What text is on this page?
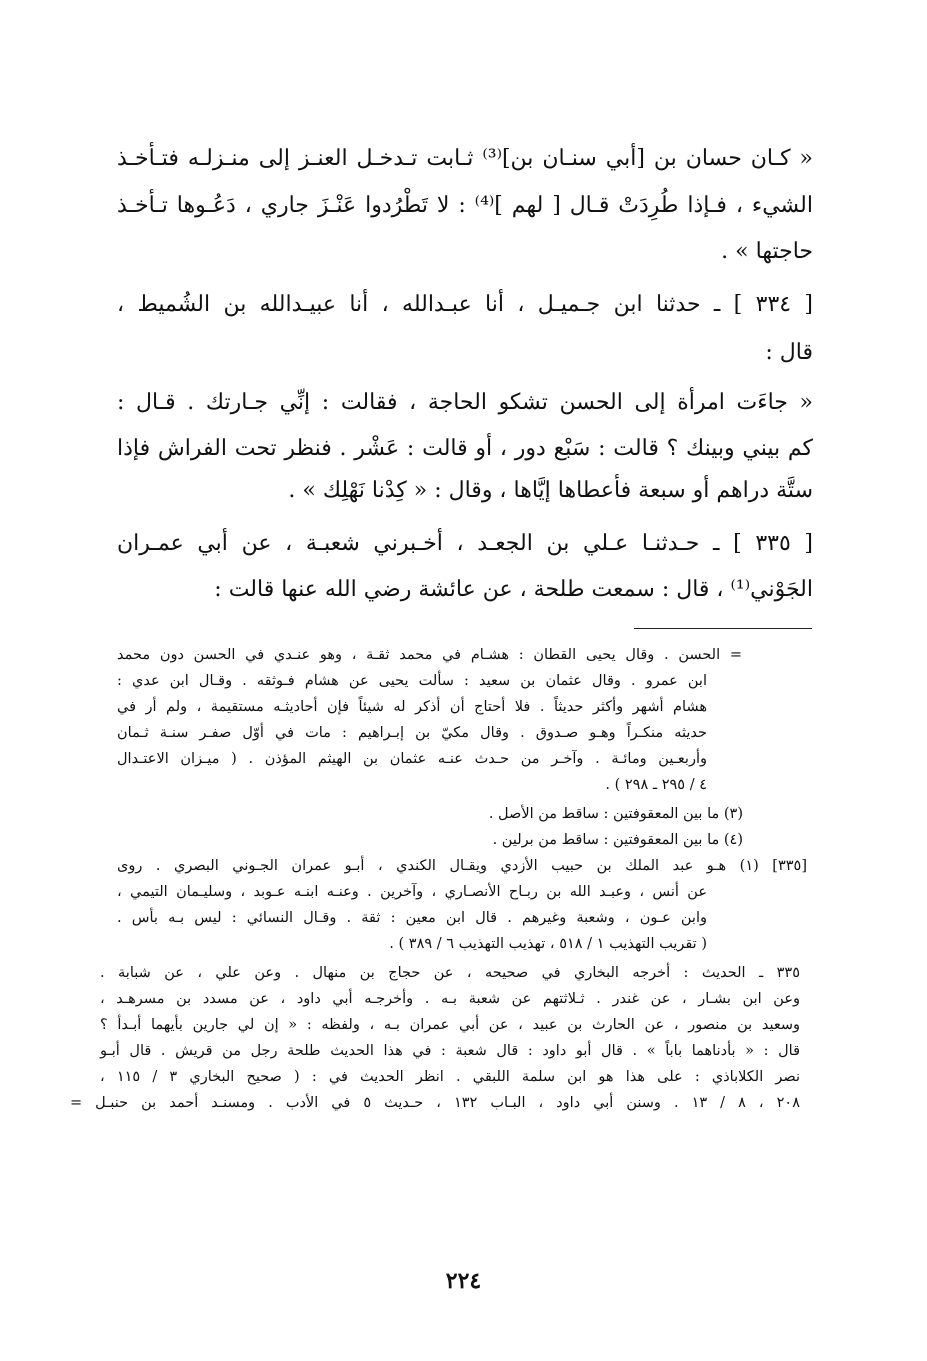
« كـان حسان بن [أبي سنـان بن]⁽³⁾ ثـابت تـدخـل العنـز إلى منـزلـه فتـأخـذ
الشيء ، فـإذا طُرِدَتْ قـال [ لهم ]⁽⁴⁾ : لا تَطْرُدوا عَنْـزَ جاري ، دَعُـوها تـأخـذ
حاجتها » .
[ ٣٣٤ ] ـ حدثنا ابن جـميـل ، أنا عبـدالله ، أنا عبيـدالله بن الشُميط ،
قال :
« جاءَت امرأة إلى الحسن تشكو الحاجة ، فقالت : إنِّي جـارتك . قـال :
كم بيني وبينك ؟ قالت : سَبْع دور ، أو قالت : عَشْر . فنظر تحت الفراش فإذا
ستَّة دراهم أو سبعة فأعطاها إيَّاها ، وقال : « كِدْنا نَهْلِك » .
[ ٣٣٥ ] ـ حـدثنـا عـلي بن الجعـد ، أخـبرني شعبـة ، عن أبي عمـران
الجَوْني⁽¹⁾ ، قال : سمعت طلحة ، عن عائشة رضي الله عنها قالت :
= الحسن . وقال يحيى القطان : هشـام في محمد ثقـة ، وهو عنـدي في الحسن دون محمد
ابن عمرو . وقال عثمان بن سعيد : سألت يحيى عن هشام فـوثقه . وقـال ابن عدي :
هشام أشهر وأكثر حديثاً . فلا أحتاج أن أذكر له شيئاً فإن أحاديثـه مستقيمة ، ولم أر في
حديثه منكـراً وهـو صـدوق . وقال مكيّ بن إبـراهيم : مات في أوّل صفـر سنـة ثـمان
وأربعـين ومائـة . وآخـر من حـدث عنـه عثمان بن الهيثم المؤذن . ( ميـزان الاعتـدال
٤ / ٢٩٥ ـ ٢٩٨ ) .
(٣) ما بين المعقوفتين : ساقط من الأصل .
(٤) ما بين المعقوفتين : ساقط من برلين .
[٣٣٥] (١) هـو عبد الملك بن حبيب الأزدي ويقـال الكندي ، أبـو عمران الجـوني البصري . روى
عن أنس ، وعبـد الله بن ربـاح الأنصـاري ، وآخرين . وعنـه ابنـه عـوبد ، وسليـمان التيمي ،
وابن عـون ، وشعبة وغيرهم . قال ابن معين : ثقة . وقـال النسائي : ليس بـه بأس .
( تقريب التهذيب ١ / ٥١٨ ، تهذيب التهذيب ٦ / ٣٨٩ ) .
٣٣٥ ـ الحديث : أخرجه البخاري في صحيحه ، عن حجاج بن منهال . وعن علي ، عن شبابة .
وعن ابن بشـار ، عن غندر . ثـلاثتهم عن شعبة بـه . وأخرجـه أبي داود ، عن مسدد بن مسرهـد ،
وسعيد بن منصور ، عن الحارث بن عبيد ، عن أبي عمران بـه ، ولفظه : « إن لي جارين بأيهما أبـدأ ؟
قال : « بأدناهما باباً » . قال أبو داود : قال شعبة : في هذا الحديث طلحة رجل من قريش . قال أبـو
نصر الكلاباذي : على هذا هو ابن سلمة اللبقي . انظر الحديث في : ( صحيح البخاري ٣ / ١١٥ ،
٢٠٨ ، ٨ / ١٣ . وسنن أبي داود ، البـاب ١٣٢ ، حـديث ٥ في الأدب . ومسنـد أحمد بن حنبـل =
٢٢٤
